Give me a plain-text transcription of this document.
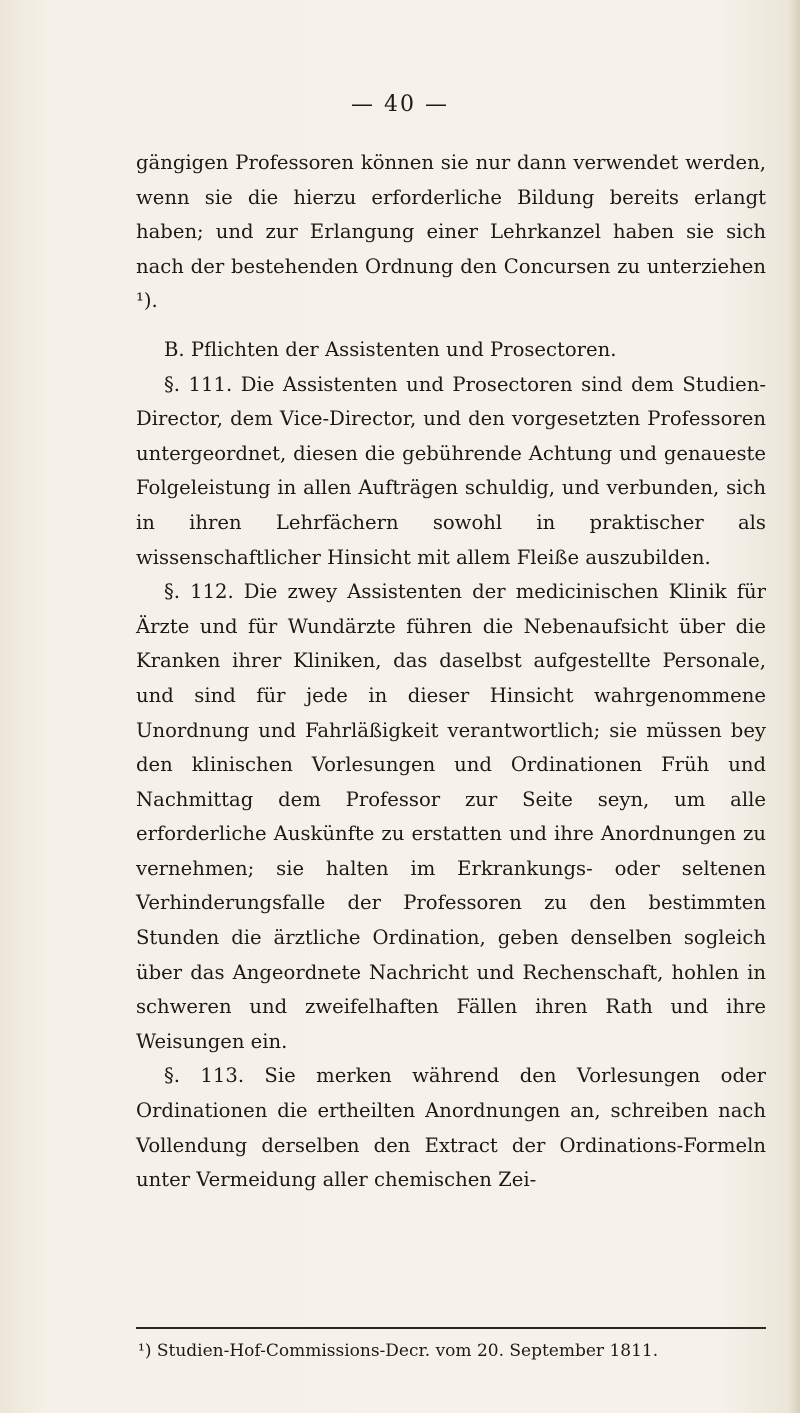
— 40 —

gängigen Professoren können sie nur dann verwendet werden, wenn sie die hierzu erforderliche Bildung bereits erlangt haben; und zur Erlangung einer Lehrkanzel haben sie sich nach der bestehenden Ordnung den Concursen zu unterziehen ¹).

B. Pflichten der Assistenten und Prosectoren.

§. 111. Die Assistenten und Prosectoren sind dem Studien-Director, dem Vice-Director, und den vorgesetzten Professoren untergeordnet, diesen die gebührende Achtung und genaueste Folgeleistung in allen Aufträgen schuldig, und verbunden, sich in ihren Lehrfächern sowohl in praktischer als wissenschaftlicher Hinsicht mit allem Fleiße auszubilden.

§. 112. Die zwey Assistenten der medicinischen Klinik für Ärzte und für Wundärzte führen die Nebenaufsicht über die Kranken ihrer Kliniken, das daselbst aufgestellte Personale, und sind für jede in dieser Hinsicht wahrgenommene Unordnung und Fahrläßigkeit verantwortlich; sie müssen bey den klinischen Vorlesungen und Ordinationen Früh und Nachmittag dem Professor zur Seite seyn, um alle erforderliche Auskünfte zu erstatten und ihre Anordnungen zu vernehmen; sie halten im Erkrankungs- oder seltenen Verhinderungsfalle der Professoren zu den bestimmten Stunden die ärztliche Ordination, geben denselben sogleich über das Angeordnete Nachricht und Rechenschaft, hohlen in schweren und zweifelhaften Fällen ihren Rath und ihre Weisungen ein.

§. 113. Sie merken während den Vorlesungen oder Ordinationen die ertheilten Anordnungen an, schreiben nach Vollendung derselben den Extract der Ordinations-Formeln unter Vermeidung aller chemischen Zei-

¹) Studien-Hof-Commissions-Decr. vom 20. September 1811.
